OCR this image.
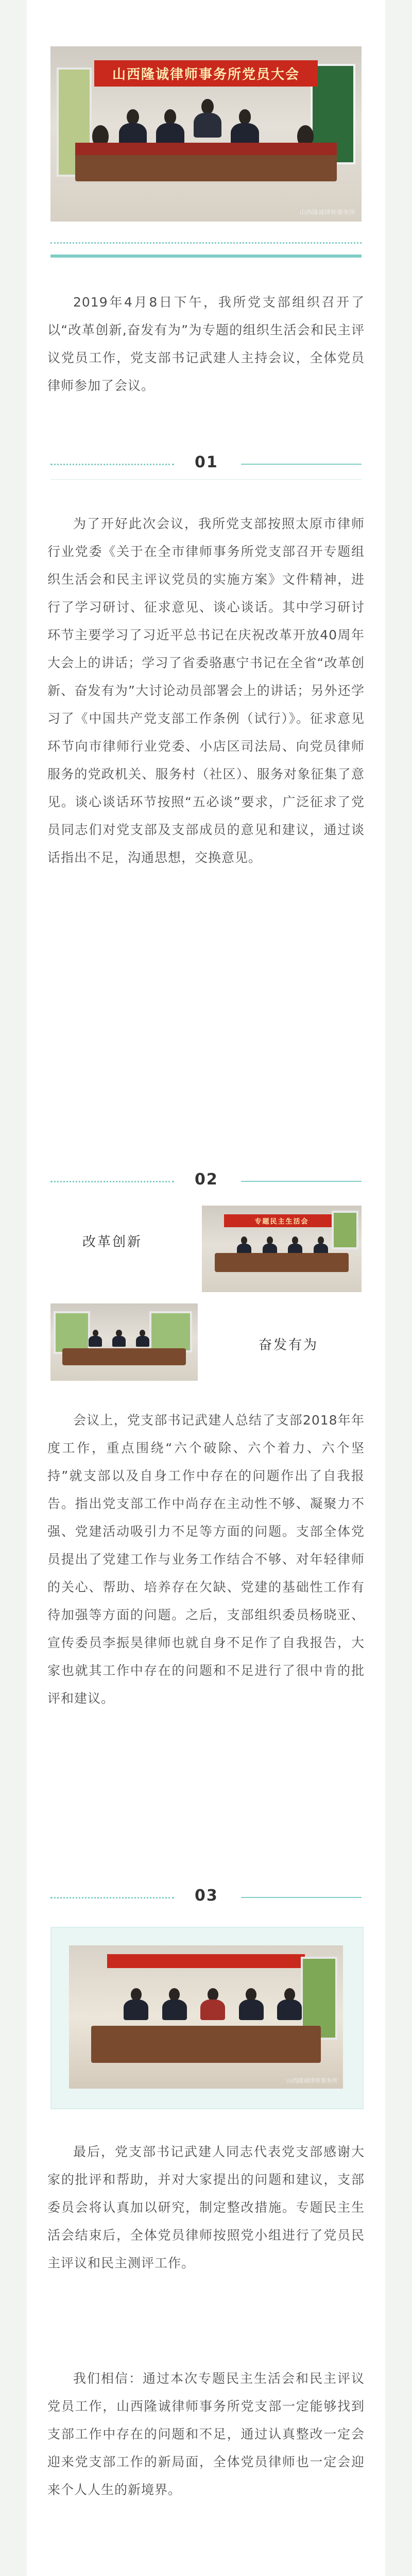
山西隆诚律师事务所党员大会
山西隆诚律师事务所
2019年4月8日下午，我所党支部组织召开了以“改革创新,奋发有为”为专题的组织生活会和民主评议党员工作，党支部书记武建人主持会议，全体党员律师参加了会议。
01
为了开好此次会议，我所党支部按照太原市律师行业党委《关于在全市律师事务所党支部召开专题组织生活会和民主评议党员的实施方案》文件精神，进行了学习研讨、征求意见、谈心谈话。其中学习研讨环节主要学习了习近平总书记在庆祝改革开放40周年大会上的讲话；学习了省委骆惠宁书记在全省“改革创新、奋发有为”大讨论动员部署会上的讲话；另外还学习了《中国共产党支部工作条例（试行）》。征求意见环节向市律师行业党委、小店区司法局、向党员律师服务的党政机关、服务村（社区）、服务对象征集了意见。谈心谈话环节按照“五必谈”要求，广泛征求了党员同志们对党支部及支部成员的意见和建议，通过谈话指出不足，沟通思想，交换意见。
02
改革创新
专题民主生活会
奋发有为
会议上，党支部书记武建人总结了支部2018年年度工作，重点围绕“六个破除、六个着力、六个坚持”就支部以及自身工作中存在的问题作出了自我报告。指出党支部工作中尚存在主动性不够、凝聚力不强、党建活动吸引力不足等方面的问题。支部全体党员提出了党建工作与业务工作结合不够、对年轻律师的关心、帮助、培养存在欠缺、党建的基础性工作有待加强等方面的问题。之后，支部组织委员杨晓亚、宣传委员李振昊律师也就自身不足作了自我报告，大家也就其工作中存在的问题和不足进行了很中肯的批评和建议。
03
山西隆诚律师事务所
最后，党支部书记武建人同志代表党支部感谢大家的批评和帮助，并对大家提出的问题和建议，支部委员会将认真加以研究，制定整改措施。专题民主生活会结束后，全体党员律师按照党小组进行了党员民主评议和民主测评工作。
我们相信：通过本次专题民主生活会和民主评议党员工作，山西隆诚律师事务所党支部一定能够找到支部工作中存在的问题和不足，通过认真整改一定会迎来党支部工作的新局面，全体党员律师也一定会迎来个人人生的新境界。
